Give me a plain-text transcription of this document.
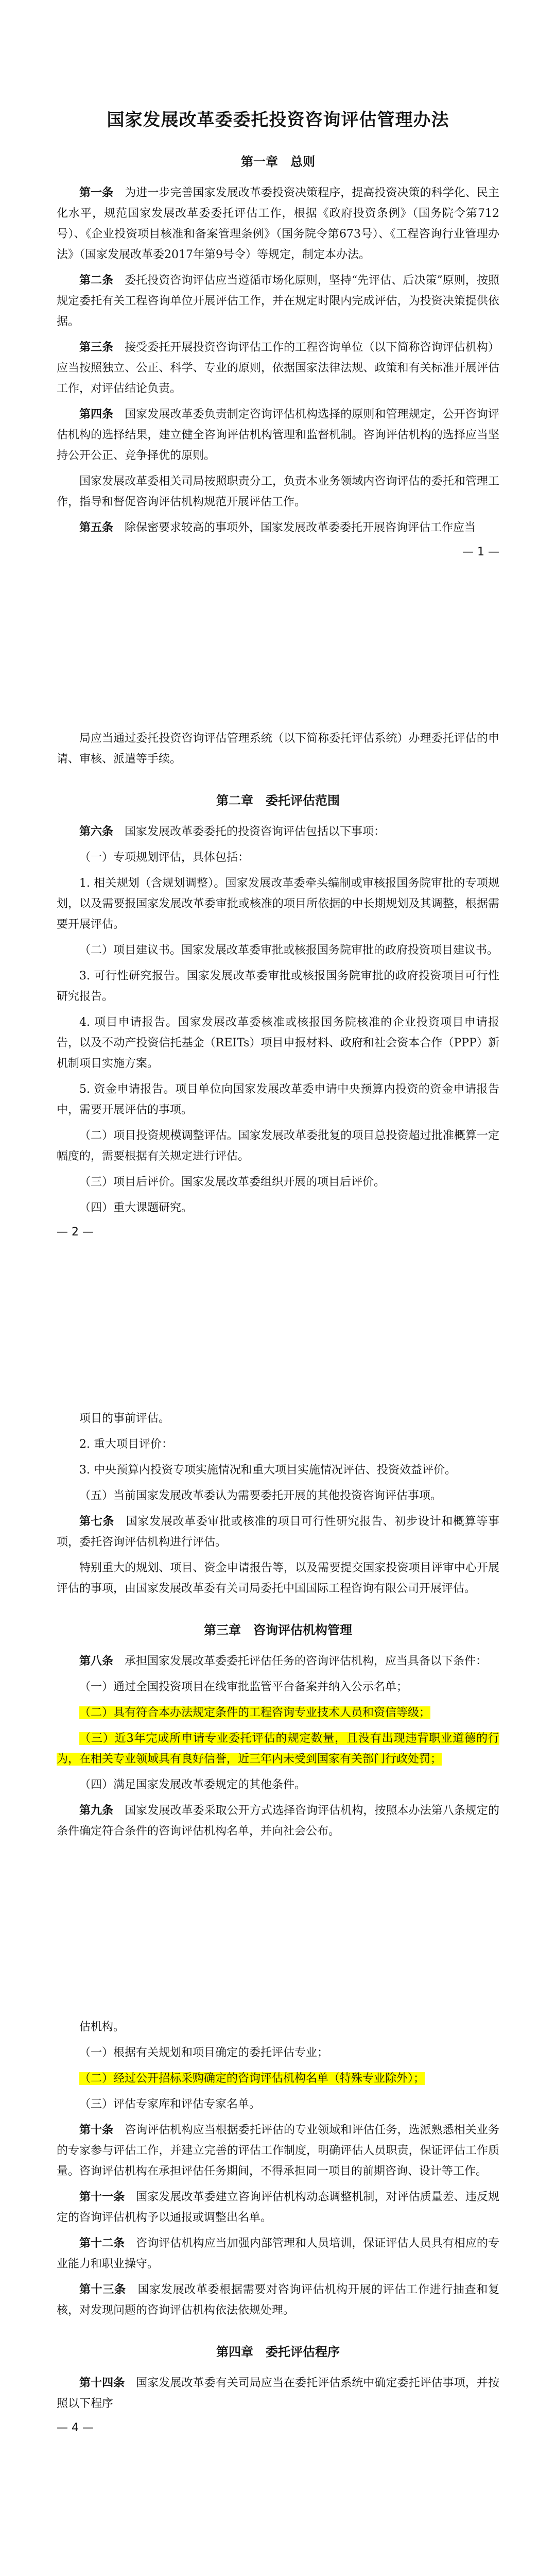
国家发展改革委委托投资咨询评估管理办法
第一章　总则

第一条　 为进一步完善国家发展改革委投资决策程序，提高投资决策的科学化、民主化水平，规范国家发展改革委委托评估工作，根据《政府投资条例》（国务院令第712号）、《企业投资项目核准和备案管理条例》（国务院令第673号）、《工程咨询行业管理办法》（国家发展改革委2017年第9号令）等规定，制定本办法。

第二条　 委托投资咨询评估应当遵循市场化原则，坚持“先评估、后决策”原则，按照规定委托有关工程咨询单位开展评估工作，并在规定时限内完成评估，为投资决策提供依据。

第三条　 接受委托开展投资咨询评估工作的工程咨询单位（以下简称咨询评估机构）应当按照独立、公正、科学、专业的原则，依据国家法律法规、政策和有关标准开展评估工作，对评估结论负责。

第四条　 国家发展改革委负责制定咨询评估机构选择的原则和管理规定，公开咨询评估机构的选择结果，建立健全咨询评估机构管理和监督机制。咨询评估机构的选择应当坚持公开公正、竞争择优的原则。

国家发展改革委相关司局按照职责分工，负责本业务领域内咨询评估的委托和管理工作，指导和督促咨询评估机构规范开展评估工作。

第五条　 除保密要求较高的事项外，国家发展改革委委托开展咨询评估工作应当

— 1 —

局应当通过委托投资咨询评估管理系统（以下简称委托评估系统）办理委托评估的申请、审核、派遣等手续。

第二章　委托评估范围

第六条　 国家发展改革委委托的投资咨询评估包括以下事项：

（一）专项规划评估，具体包括：

1. 相关规划（含规划调整）。国家发展改革委牵头编制或审核报国务院审批的专项规划，以及需要报国家发展改革委审批或核准的项目所依据的中长期规划及其调整，根据需要开展评估。

（二）项目建议书。国家发展改革委审批或核报国务院审批的政府投资项目建议书。

3. 可行性研究报告。国家发展改革委审批或核报国务院审批的政府投资项目可行性研究报告。

4. 项目申请报告。国家发展改革委核准或核报国务院核准的企业投资项目申请报告，以及不动产投资信托基金（REITs）项目申报材料、政府和社会资本合作（PPP）新机制项目实施方案。

5. 资金申请报告。项目单位向国家发展改革委申请中央预算内投资的资金申请报告中，需要开展评估的事项。

（二）项目投资规模调整评估。国家发展改革委批复的项目总投资超过批准概算一定幅度的，需要根据有关规定进行评估。

（三）项目后评价。国家发展改革委组织开展的项目后评价。

（四）重大课题研究。

— 2 —

项目的事前评估。

2. 重大项目评价：

3. 中央预算内投资专项实施情况和重大项目实施情况评估、投资效益评价。

（五）当前国家发展改革委认为需要委托开展的其他投资咨询评估事项。

第七条　 国家发展改革委审批或核准的项目可行性研究报告、初步设计和概算等事项，委托咨询评估机构进行评估。

特别重大的规划、项目、资金申请报告等，以及需要提交国家投资项目评审中心开展评估的事项，由国家发展改革委有关司局委托中国国际工程咨询有限公司开展评估。

第三章　咨询评估机构管理

第八条　 承担国家发展改革委委托评估任务的咨询评估机构，应当具备以下条件：

（一）通过全国投资项目在线审批监管平台备案并纳入公示名单；

（二）具有符合本办法规定条件的工程咨询专业技术人员和资信等级；

（三）近3年完成所申请专业委托评估的规定数量，且没有出现违背职业道德的行为，在相关专业领域具有良好信誉，近三年内未受到国家有关部门行政处罚；

（四）满足国家发展改革委规定的其他条件。

第九条　 国家发展改革委采取公开方式选择咨询评估机构，按照本办法第八条规定的条件确定符合条件的咨询评估机构名单，并向社会公布。

估机构。

（一）根据有关规划和项目确定的委托评估专业；

（二）经过公开招标采购确定的咨询评估机构名单（特殊专业除外）；

（三）评估专家库和评估专家名单。

第十条　 咨询评估机构应当根据委托评估的专业领域和评估任务，选派熟悉相关业务的专家参与评估工作，并建立完善的评估工作制度，明确评估人员职责，保证评估工作质量。咨询评估机构在承担评估任务期间，不得承担同一项目的前期咨询、设计等工作。

第十一条　 国家发展改革委建立咨询评估机构动态调整机制，对评估质量差、违反规定的咨询评估机构予以通报或调整出名单。

第十二条　 咨询评估机构应当加强内部管理和人员培训，保证评估人员具有相应的专业能力和职业操守。

第十三条　 国家发展改革委根据需要对咨询评估机构开展的评估工作进行抽查和复核，对发现问题的咨询评估机构依法依规处理。

第四章　委托评估程序

第十四条　 国家发展改革委有关司局应当在委托评估系统中确定委托评估事项，并按照以下程序

— 4 —
